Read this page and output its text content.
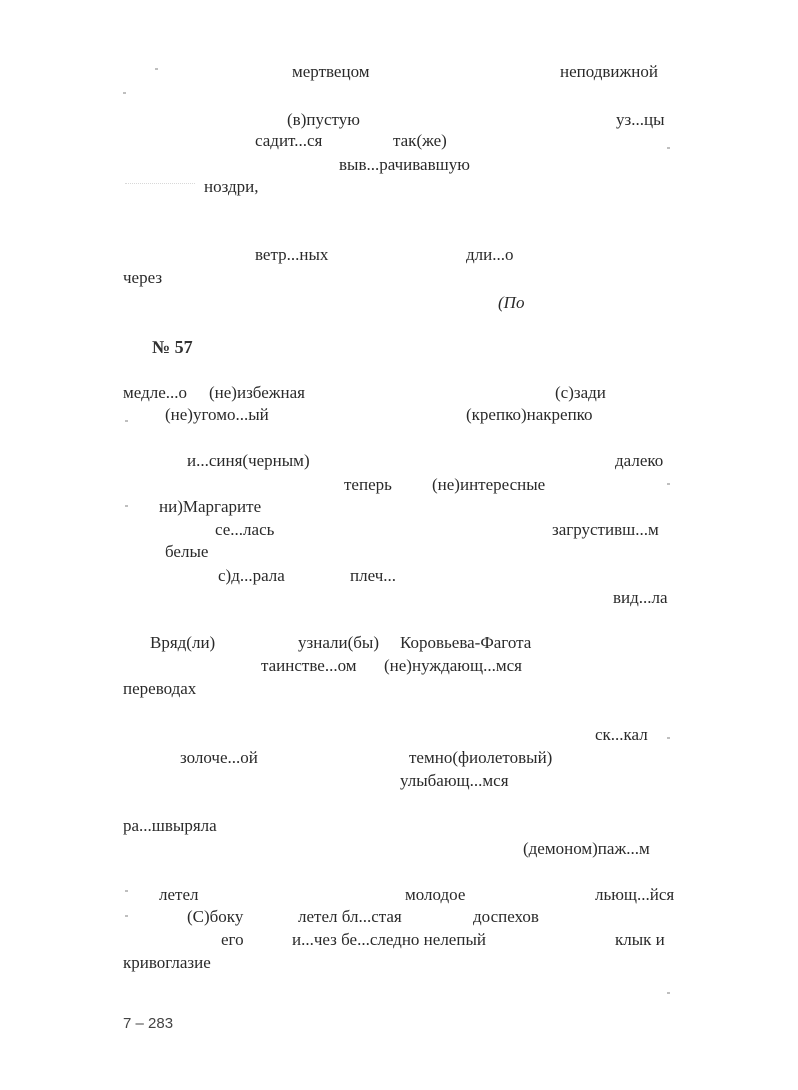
мертвецом	неподвижной
(в)пустую	уз...цы
садит...ся	так(же)
выв...рачивавшую
ноздри,
ветр...ных	дли...о
через
(По
№ 57
медле...о (не)избежная	(с)зади
(не)угомо...ый	(крепко)накрепко
и...синя(черным)	далеко
теперь (не)интересные
ни)Маргарите
се...лась	загрустивш...м
белые
с)д...рала	плеч...
вид...ла
Вряд(ли)	узнали(бы) Коровьева-Фагота
таинстве...ом (не)нуждающ...мся
переводах
ск...кал
золоче...ой	темно(фиолетовый)
улыбающ...мся
ра...швыряла
(демоном)паж...м
летел	молодое	льющ...йся
(С)боку	летел бл...стая	доспехов
его	и...чез бе...следно нелепый	клык и
кривоглазие
7 – 283
